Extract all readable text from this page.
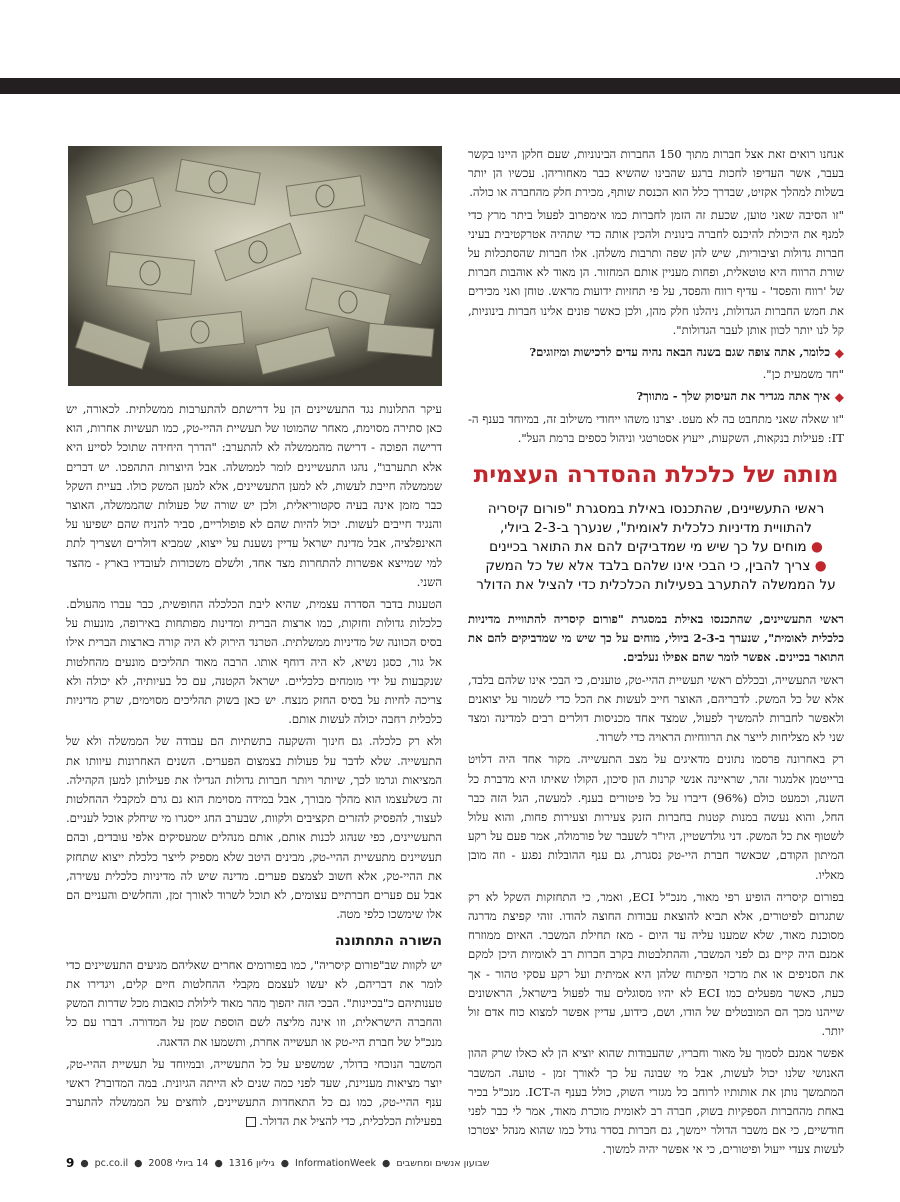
אנחנו רואים זאת אצל חברות מתוך 150 החברות הבינוניות, שעם חלקן היינו בקשר בעבר, אשר העדיפו לחכות ברגע שהבינו שהשיא כבר מאחוריהן. עכשיו הן יותר בשלות למהלך אקזיט, שבדרך כלל הוא הכנסת שותף, מכירת חלק מהחברה או כולה.

"זו הסיבה שאני טוען, שכעת זה הזמן לחברות כמו אימפרוב לפעול ביתר מרץ כדי למנף את היכולת להיכנס לחברה בינונית ולהכין אותה כדי שתהיה אטרקטיבית בעיני חברות גדולות וציבוריות, שיש להן שפה ותרבות משלהן. אלו חברות שהסתכלות על שורת הרווח היא טוטאלית, ופחות מעניין אותם המחזור. הן מאוד לא אוהבות חברות של 'רווח והפסד' - עדיף רווח והפסד, על פי תחזיות ידועות מראש. טוחן ואני מכירים את חמש החברות הגדולות, ניהלנו חלק מהן, ולכן כאשר פונים אלינו חברות בינוניות, קל לנו יותר לכוון אותן לעבר הגדולות".

◆
כלומר, אתה צופה שגם בשנה הבאה נהיה עדים לרכישות ומיזוגים?

"חד משמעית כן".

◆
איך אתה מגדיר את העיסוק שלך - מתווך?

"זו שאלה שאני מתחבט בה לא מעט. יצרנו משהו ייחודי משילוב זה, במיוחד בענף ה-IT: פעילות בנקאות, השקעות, ייעוץ אסטרטגי וניהול כספים ברמת העל".

מותה של כלכלת ההסדרה העצמית
ראשי התעשיינים, שהתכנסו באילת במסגרת "פורום קיסריה להתוויית מדיניות כלכלית לאומית", שנערך ב-2-3 ביולי,
● מוחים על כך שיש מי שמדביקים להם את התואר בכיינים
● צריך להבין, כי הבכי אינו שלהם בלבד אלא של כל המשק
על הממשלה להתערב בפעילות הכלכלית כדי להציל את הדולר

ראשי התעשיינים, שהתכנסו באילת במסגרת "פורום קיסריה להתוויית מדיניות כלכלית לאומית", שנערך ב-2-3 ביולי, מוחים על כך שיש מי שמדביקים להם את התואר בכיינים. אפשר לומר שהם אפילו נעלבים.

ראשי התעשייה, ובכללם ראשי תעשיית ההיי-טק, טוענים, כי הבכי אינו שלהם בלבד, אלא של כל המשק. לדבריהם, האוצר חייב לעשות את הכל כדי לשמור על יצואנים ולאפשר לחברות להמשיך לפעול, שמצד אחד מכניסות דולרים רבים למדינה ומצד שני לא מצליחות לייצר את הרווחיות הראויה כדי לשרוד.

רק באחרונה פרסמו נתונים מדאיגים על מצב התעשייה. מקור אחד היה דלויט ברייטמן אלמגור זהר, שראיינה אנשי קרנות הון סיכון, הקולו שאיתו היא מדברת כל השנה, וכמעט כולם (96%) דיברו על כל פיטורים בענף. למעשה, הגל הזה כבר החל, והוא נעשה במנות קטנות בחברות הזנק צעירות וצעירות פחות, והוא עלול לשטוף את כל המשק. דני גולדשטיין, היו"ר לשעבר של פורמולה, אמר פעם על רקע המיתון הקודם, שכאשר חברת היי-טק נסגרת, גם ענף ההובלות נפגע - וזה מובן מאליו.

בפורום קיסריה הופיע רפי מאור, מנכ"ל ECI, ואמר, כי התחזקות השקל לא רק שתגרום לפיטורים, אלא תביא להוצאת עבודות החוצה להודו. זוהי קפיצת מדרגה מסוכנת מאוד, שלא שמענו עליה עד היום - מאז תחילת המשבר. האיום ממוזרח אמנם היה קיים גם לפני המשבר, וההתלבטות בקרב חברות רב לאומיות היכן למקם את הסניפים או את מרכזי הפיתוח שלהן היא אמיתית ועל רקע עסקי טהור - אך כעת, כאשר מפעלים כמו ECI לא יהיו מסוגלים עוד לפעול בישראל, הראשונים שייהנו מכך הם המובטלים של הודו, ושם, כידוע, עדיין אפשר למצוא כוח אדם זול יותר.

אפשר אמנם לסמוך על מאור וחבריו, שהעבודות שהוא יוציא הן לא כאלו שרק ההון האנושי שלנו יכול לעשות, אבל מי שבונה על כך לאורך זמן - טועה. המשבר המתמשך נותן את אותותיו לרוחב כל מגזרי השוק, כולל בענף ה-ICT. מנכ"ל בכיר באחת מהחברות הספקיות בשוק, חברה רב לאומית מוכרת מאוד, אמר לי כבר לפני חודשיים, כי אם משבר הדולר יימשך, גם חברות בסדר גודל כמו שהוא מנהל יצטרכו לעשות צעדי ייעול ופיטורים, כי אי אפשר יהיה למשוך.

עיקר התלונות נגד התעשיינים הן על דרישתם להתערבות ממשלתית. לכאורה, יש כאן סתירה מסוימת, מאחר שהמוטו של תעשיית ההיי-טק, כמו תעשיות אחרות, הוא דרישה הפוכה - דרישה מהממשלה לא להתערב: "הדרך היחידה שתוכל לסייע היא אלא תתערבו", נהגו התעשיינים לומר לממשלה. אבל היוצרות התהפכו. יש דברים שממשלה חייבת לעשות, לא למען התעשיינים, אלא למען המשק כולו. בעיית השקל כבר מזמן אינה בעיה סקטוריאלית, ולכן יש שורה של פעולות שהממשלה, האוצר והנגיד חייבים לעשות. יכול להיות שהם לא פופולריים, סביר להניח שהם ישפיעו על האינפלציה, אבל מדינת ישראל עדיין נשענת על ייצוא, שמביא דולרים ושצריך לתת למי שמייצא אפשרות להתחרות מצד אחד, ולשלם משכורות לעובדיו בארץ - מהצד השני.

הטענות בדבר הסדרה עצמית, שהיא ליבת הכלכלה החופשית, כבר עברו מהעולם. כלכלות גדולות וחזקות, כמו ארצות הברית ומדינות מפותחות באירופה, מונעות על בסיס הכוונה של מדיניות ממשלתית. הטרנד הירוק לא היה קורה בארצות הברית אילו אל גור, כסגן נשיא, לא היה דוחף אותו. הרבה מאוד תהליכים מונעים מהחלטות שנקבעות על ידי מומחים כלכליים. ישראל הקטנה, עם כל בעיותיה, לא יכולה ולא צריכה לחיות על בסיס החזק מנצח. יש כאן בשוק תהליכים מסוימים, שרק מדיניות כלכלית רחבה יכולה לעשות אותם.

ולא רק כלכלה. גם חינוך והשקעה בתשתיות הם עבודה של הממשלה ולא של התעשייה. שלא לדבר על פעולות בצמצום הפערים. השנים האחרונות עיוותו את המציאות וגרמו לכך, שיותר ויותר חברות גדולות הגדילו את פעילותן למען הקהילה. זה כשלעצמו הוא מהלך מבורך, אבל במידה מסוימת הוא גם גרם למקבלי ההחלטות לעצור, להפסיק להזרים תקציבים ולקוות, שבערב החג ייסגרו מי שיחלק אוכל לעניים. התעשיינים, כפי שנהוג לכנות אותם, אותם מנהלים שמעסיקים אלפי עובדים, ובהם תעשיינים מתעשיית ההיי-טק, מבינים היטב שלא מספיק לייצר כלכלת ייצוא שתחזק את ההיי-טק, אלא חשוב לצמצם פערים. מדינה שיש לה מדיניות כלכלית עשירה, אבל עם פערים חברתיים עצומים, לא תוכל לשרוד לאורך זמן, והחלשים והעניים הם אלו שימשכו כלפי מטה.

השורה התחתונה

יש לקוות שב"פורום קיסריה", כמו בפורומים אחרים שאליהם מגיעים התעשיינים כדי לומר את דבריהם, לא יעשו לעצמם מקבלי ההחלטות חיים קלים, ויגדירו את טענותיהם כ"בכיינות". הבכי הזה יהפוך מהר מאוד לילולת כואבות מכל שדרות המשק והחברה הישראלית, וזו אינה מליצה לשם הוספת שמן על המדורה. דברו עם כל מנכ"ל של חברת היי-טק או תעשייה אחרת, ותשמעו את הדאגה.

המשבר הנוכחי בדולר, שמשפיע על כל התעשייה, ובמיוחד על תעשיית ההיי-טק, יוצר מציאות מעניינת, שעד לפני כמה שנים לא הייתה הגיונית. במה המדובר? ראשי ענף ההיי-טק, כמו גם כל התאחדות התעשיינים, לוחצים על הממשלה להתערב בפעילות הכלכלית, כדי להציל את הדולר.

שבועון אנשים ומחשבים
●
InformationWeek
●
גיליון 1316
●
14 ביולי 2008
●
pc.co.il
●
9
